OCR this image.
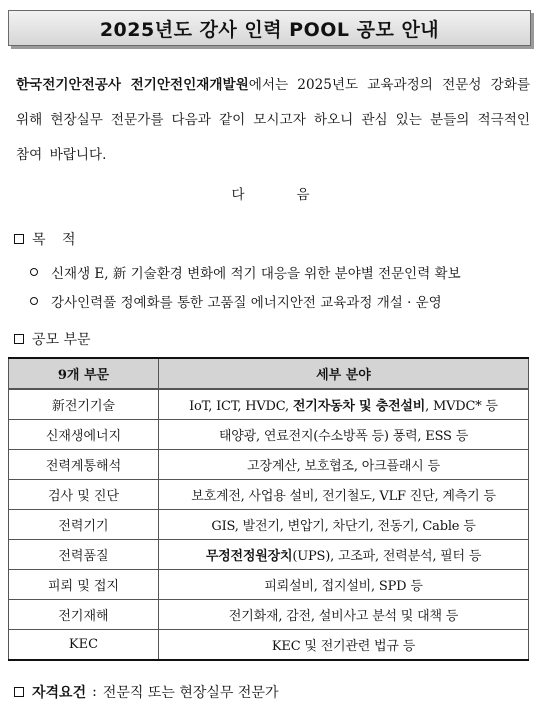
2025년도 강사 인력 POOL 공모 안내
한국전기안전공사 전기안전인재개발원에서는 2025년도 교육과정의 전문성 강화를 위해 현장실무 전문가를 다음과 같이 모시고자 하오니 관심 있는 분들의 적극적인 참여 바랍니다.
다	음
목 적
신재생 E, 新 기술환경 변화에 적기 대응을 위한 분야별 전문인력 확보
강사인력풀 정예화를 통한 고품질 에너지안전 교육과정 개설 · 운영
공모 부문
9개 부문	세부 분야
新전기기술	IoT, ICT, HVDC, 전기자동차 및 충전설비, MVDC* 등
신재생에너지	태양광, 연료전지(수소방폭 등) 풍력, ESS 등
전력계통해석	고장계산, 보호협조, 아크플래시 등
검사 및 진단	보호계전, 사업용 설비, 전기철도, VLF 진단, 계측기 등
전력기기	GIS, 발전기, 변압기, 차단기, 전동기, Cable 등
전력품질	무정전정원장치(UPS), 고조파, 전력분석, 필터 등
피뢰 및 접지	피뢰설비, 접지설비, SPD 등
전기재해	전기화재, 감전, 설비사고 분석 및 대책 등
KEC	KEC 및 전기관련 법규 등
자격요건 : 전문직 또는 현장실무 전문가
